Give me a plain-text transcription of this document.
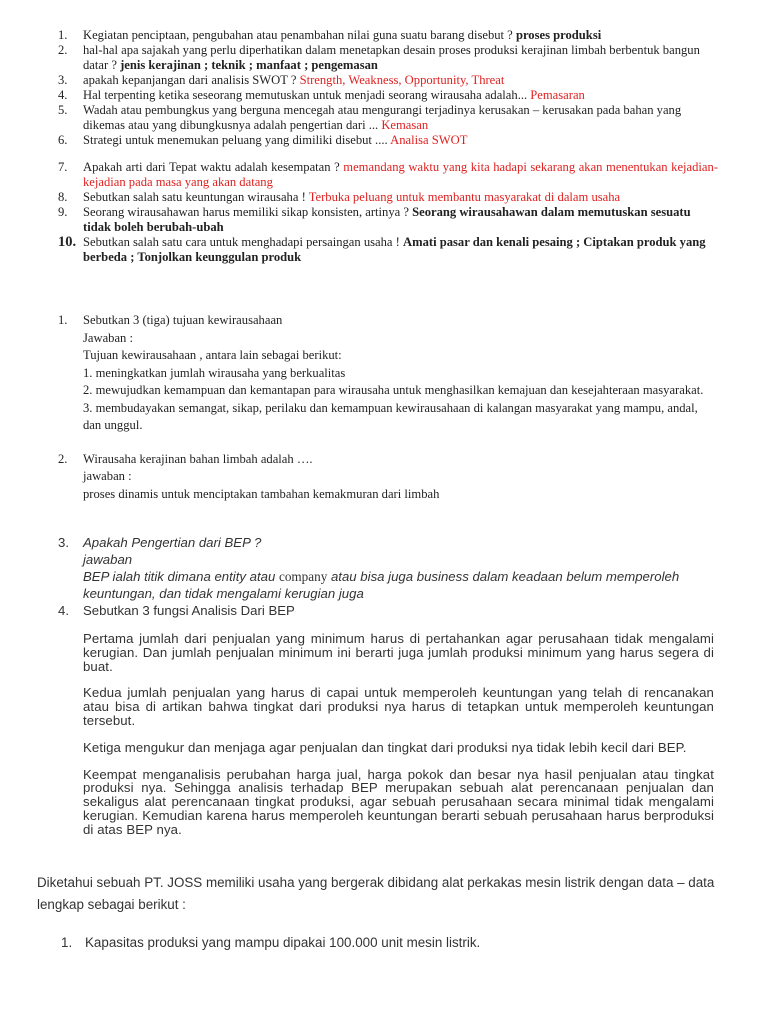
1. Kegiatan penciptaan, pengubahan atau penambahan nilai guna suatu barang disebut ? proses produksi
2. hal-hal apa sajakah yang perlu diperhatikan dalam menetapkan desain proses produksi kerajinan limbah berbentuk bangun datar ? jenis kerajinan ; teknik ; manfaat ; pengemasan
3. apakah kepanjangan dari analisis SWOT ? Strength, Weakness, Opportunity, Threat
4. Hal terpenting ketika seseorang memutuskan untuk menjadi seorang wirausaha adalah... Pemasaran
5. Wadah atau pembungkus yang berguna mencegah atau mengurangi terjadinya kerusakan – kerusakan pada bahan yang dikemas atau yang dibungkusnya adalah pengertian dari ... Kemasan
6. Strategi untuk menemukan peluang yang dimiliki disebut .... Analisa SWOT
7. Apakah arti dari Tepat waktu adalah kesempatan ? memandang waktu yang kita hadapi sekarang akan menentukan kejadian-kejadian pada masa yang akan datang
8. Sebutkan salah satu keuntungan wirausaha ! Terbuka peluang untuk membantu masyarakat di dalam usaha
9. Seorang wirausahawan harus memiliki sikap konsisten, artinya ? Seorang wirausahawan dalam memutuskan sesuatu tidak boleh berubah-ubah
10. Sebutkan salah satu cara untuk menghadapi persaingan usaha ! Amati pasar dan kenali pesaing ; Ciptakan produk yang berbeda ; Tonjolkan keunggulan produk
1. Sebutkan 3 (tiga) tujuan kewirausahaan
Jawaban :
Tujuan kewirausahaan , antara lain sebagai berikut:
1. meningkatkan jumlah wirausaha yang berkualitas
2. mewujudkan kemampuan dan kemantapan para wirausaha untuk menghasilkan kemajuan dan kesejahteraan masyarakat.
3. membudayakan semangat, sikap, perilaku dan kemampuan kewirausahaan di kalangan masyarakat yang mampu, andal, dan unggul.
2. Wirausaha kerajinan bahan limbah adalah ….
jawaban :
proses dinamis untuk menciptakan tambahan kemakmuran dari limbah
3. Apakah Pengertian dari BEP ?
jawaban
BEP ialah titik dimana entity atau company atau bisa juga business dalam keadaan belum memperoleh keuntungan, dan tidak mengalami kerugian juga
4. Sebutkan 3 fungsi Analisis Dari BEP

Pertama jumlah dari penjualan yang minimum harus di pertahankan agar perusahaan tidak mengalami kerugian. Dan jumlah penjualan minimum ini berarti juga jumlah produksi minimum yang harus segera di buat.

Kedua jumlah penjualan yang harus di capai untuk memperoleh keuntungan yang telah di rencanakan atau bisa di artikan bahwa tingkat dari produksi nya harus di tetapkan untuk memperoleh keuntungan tersebut.

Ketiga mengukur dan menjaga agar penjualan dan tingkat dari produksi nya tidak lebih kecil dari BEP.

Keempat menganalisis perubahan harga jual, harga pokok dan besar nya hasil penjualan atau tingkat produksi nya. Sehingga analisis terhadap BEP merupakan sebuah alat perencanaan penjualan dan sekaligus alat perencanaan tingkat produksi, agar sebuah perusahaan secara minimal tidak mengalami kerugian. Kemudian karena harus memperoleh keuntungan berarti sebuah perusahaan harus berproduksi di atas BEP nya.

Diketahui sebuah PT. JOSS memiliki usaha yang bergerak dibidang alat perkakas mesin listrik dengan data – data lengkap sebagai berikut :
1. Kapasitas produksi yang mampu dipakai 100.000 unit mesin listrik.
